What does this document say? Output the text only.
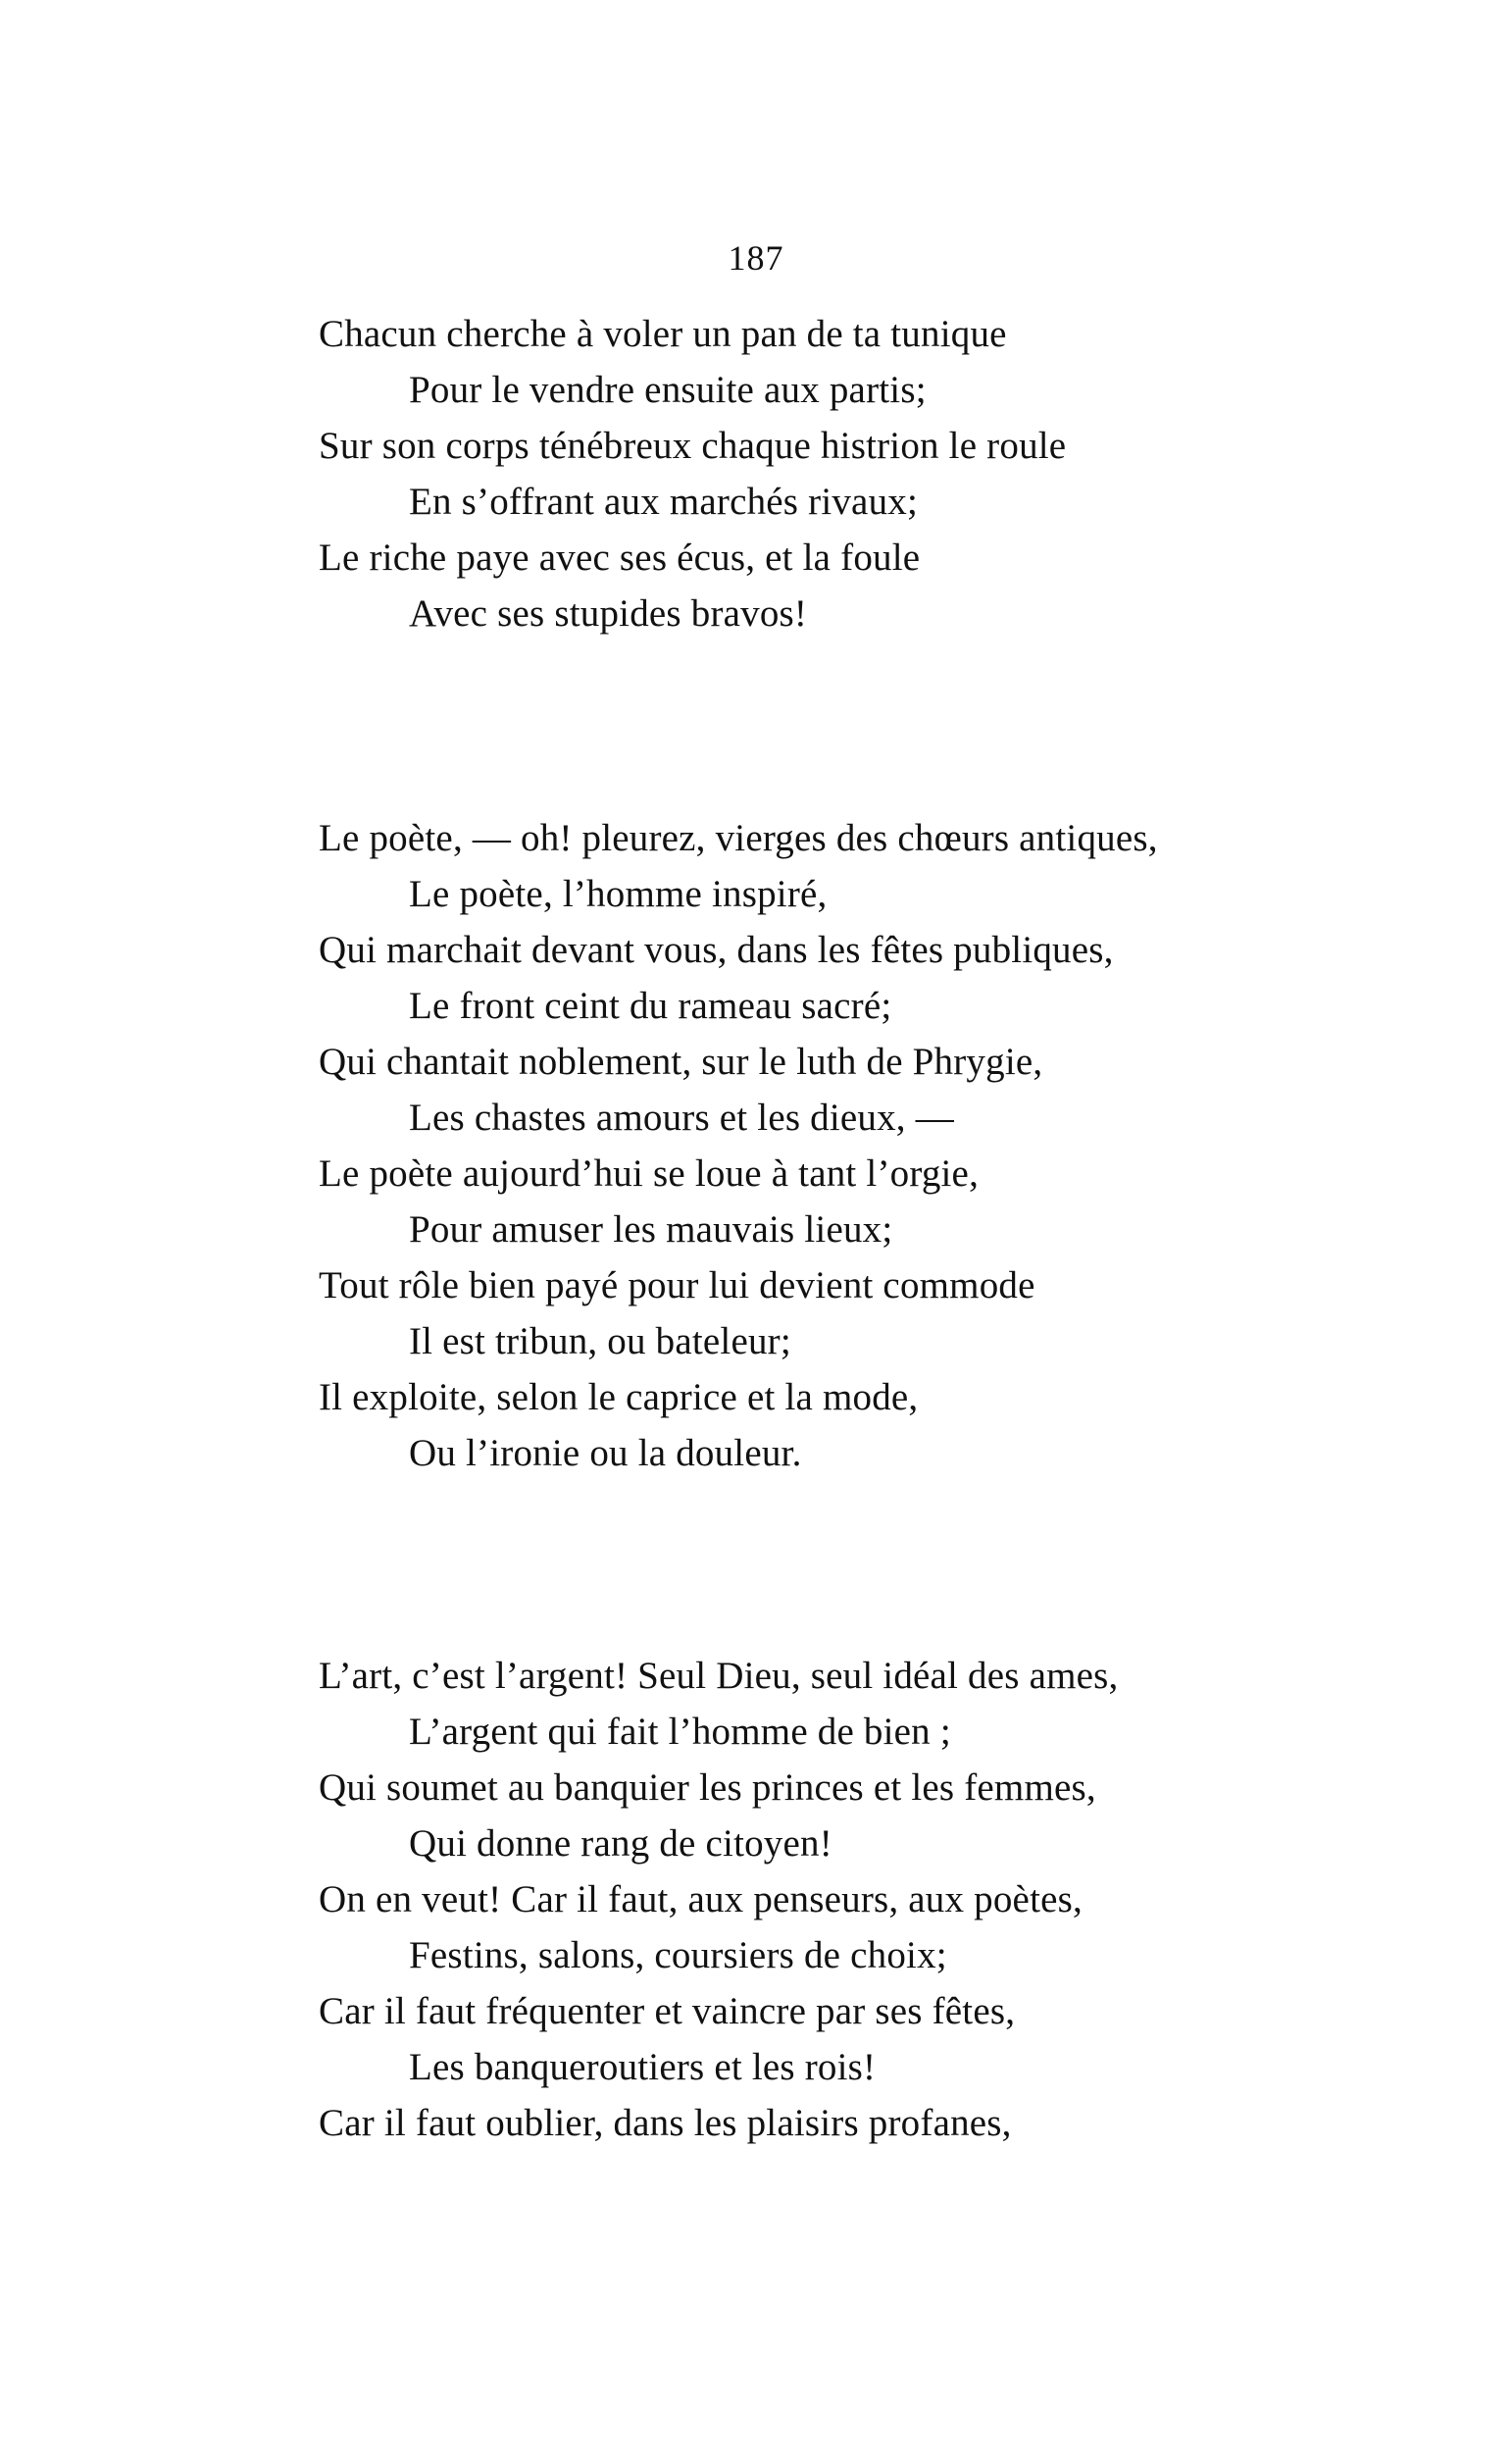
187
Chacun cherche à voler un pan de ta tunique
Pour le vendre ensuite aux partis;
Sur son corps ténébreux chaque histrion le roule
En s’offrant aux marchés rivaux;
Le riche paye avec ses écus, et la foule
Avec ses stupides bravos!
Le poète, — oh! pleurez, vierges des chœurs antiques,
Le poète, l’homme inspiré,
Qui marchait devant vous, dans les fêtes publiques,
Le front ceint du rameau sacré;
Qui chantait noblement, sur le luth de Phrygie,
Les chastes amours et les dieux, —
Le poète aujourd’hui se loue à tant l’orgie,
Pour amuser les mauvais lieux;
Tout rôle bien payé pour lui devient commode
Il est tribun, ou bateleur;
Il exploite, selon le caprice et la mode,
Ou l’ironie ou la douleur.
L’art, c’est l’argent! Seul Dieu, seul idéal des ames,
L’argent qui fait l’homme de bien ;
Qui soumet au banquier les princes et les femmes,
Qui donne rang de citoyen!
On en veut! Car il faut, aux penseurs, aux poètes,
Festins, salons, coursiers de choix;
Car il faut fréquenter et vaincre par ses fêtes,
Les banqueroutiers et les rois!
Car il faut oublier, dans les plaisirs profanes,
